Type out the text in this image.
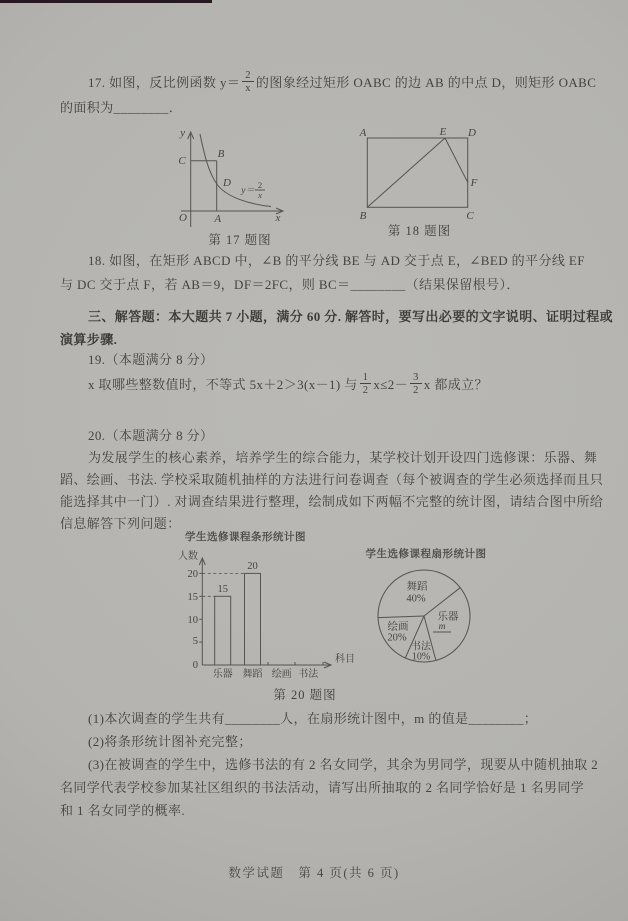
17. 如图，反比例函数 $y= \frac{2}{x}$ 的图象经过矩形 OABC 的边 AB 的中点 D，则矩形 OABC
的面积为________．
y
x
O A
B
C
D
y＝
2
x
第 17 题图
A	D
B	C
E
F
第 18 题图
18. 如图，在矩形 ABCD 中，∠B 的平分线 BE 与 AD 交于点 E，∠BED 的平分线 EF
与 DC 交于点 F，若 AB＝9，DF＝2FC，则 BC＝________（结果保留根号）．
三、解答题：本大题共 7 小题，满分 60 分. 解答时，要写出必要的文字说明、证明过程或
演算步骤.
19.（本题满分 8 分）
x 取哪些整数值时，不等式 5x＋2＞3(x－1) 与 $\frac{1}{2} x\le 2- \frac{3}{2}$ x 都成立？
20.（本题满分 8 分）
为发展学生的核心素养，培养学生的综合能力，某学校计划开设四门选修课：乐器、舞
蹈、绘画、书法. 学校采取随机抽样的方法进行问卷调查（每个被调查的学生必须选择而且只
能选择其中一门）. 对调查结果进行整理，绘制成如下两幅不完整的统计图，请结合图中所给
信息解答下列问题：
学生选修课程条形统计图
人数
科目
20
15
10
5
0
15
20
乐器 舞蹈 绘画 书法
学生选修课程扇形统计图
舞蹈
40%
乐器
m
绘画
20%
书法
10%
第 20 题图
(1)本次调查的学生共有________人，在扇形统计图中，m 的值是________；
(2)将条形统计图补充完整；
(3)在被调查的学生中，选修书法的有 2 名女同学，其余为男同学，现要从中随机抽取 2
名同学代表学校参加某社区组织的书法活动，请写出所抽取的 2 名同学恰好是 1 名男同学
和 1 名女同学的概率.
数学试题　第 4 页(共 6 页)
